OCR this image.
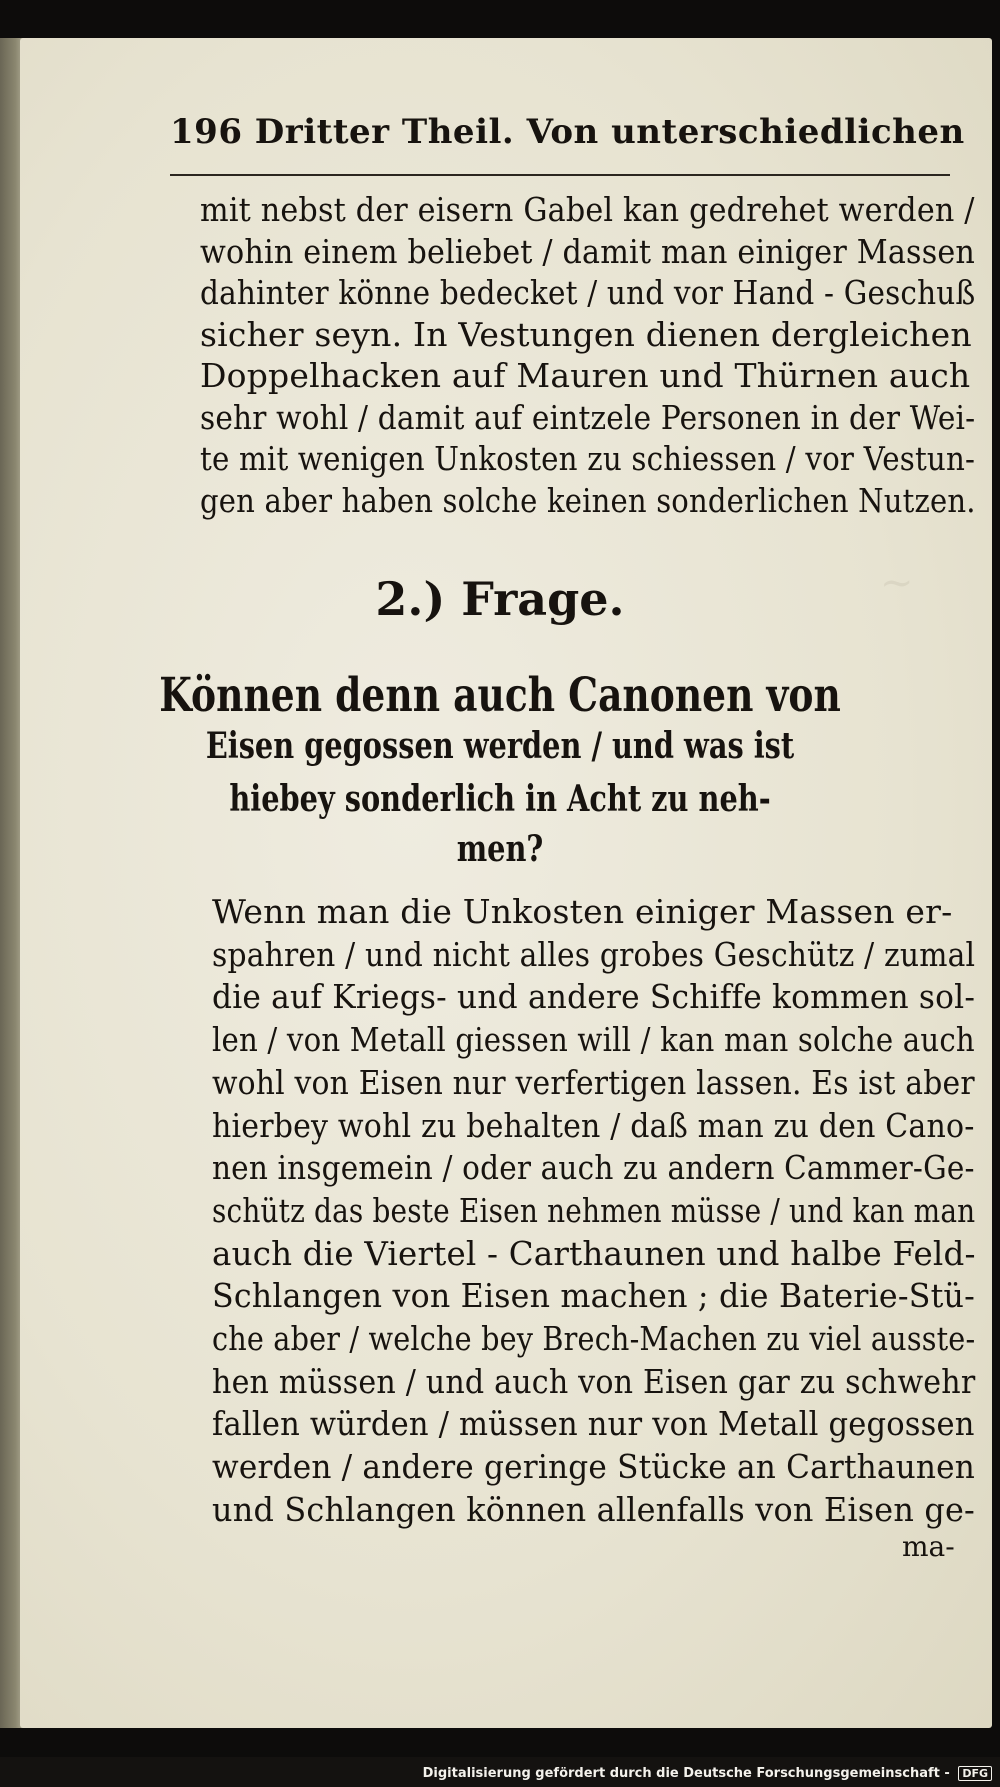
~
196 Dritter Theil. Von unterschiedlichen
mit nebst der eisern Gabel kan gedrehet werden /
wohin einem beliebet / damit man einiger Massen
dahinter könne bedecket / und vor Hand - Geschuß
sicher seyn. In Vestungen dienen dergleichen
Doppelhacken auf Mauren und Thürnen auch
sehr wohl / damit auf eintzele Personen in der Wei-
te mit wenigen Unkosten zu schiessen / vor Vestun-
gen aber haben solche keinen sonderlichen Nutzen.
2.) Frage.
Können denn auch Canonen von
Eisen gegossen werden / und was ist
hiebey sonderlich in Acht zu neh-
men?
Wenn man die Unkosten einiger Massen er-
spahren / und nicht alles grobes Geschütz / zumal
die auf Kriegs- und andere Schiffe kommen sol-
len / von Metall giessen will / kan man solche auch
wohl von Eisen nur verfertigen lassen. Es ist aber
hierbey wohl zu behalten / daß man zu den Cano-
nen insgemein / oder auch zu andern Cammer-Ge-
schütz das beste Eisen nehmen müsse / und kan man
auch die Viertel - Carthaunen und halbe Feld-
Schlangen von Eisen machen ; die Baterie-Stü-
che aber / welche bey Brech-Machen zu viel ausste-
hen müssen / und auch von Eisen gar zu schwehr
fallen würden / müssen nur von Metall gegossen
werden / andere geringe Stücke an Carthaunen
und Schlangen können allenfalls von Eisen ge-
ma-
Digitalisierung gefördert durch die Deutsche Forschungsgemeinschaft - DFG
